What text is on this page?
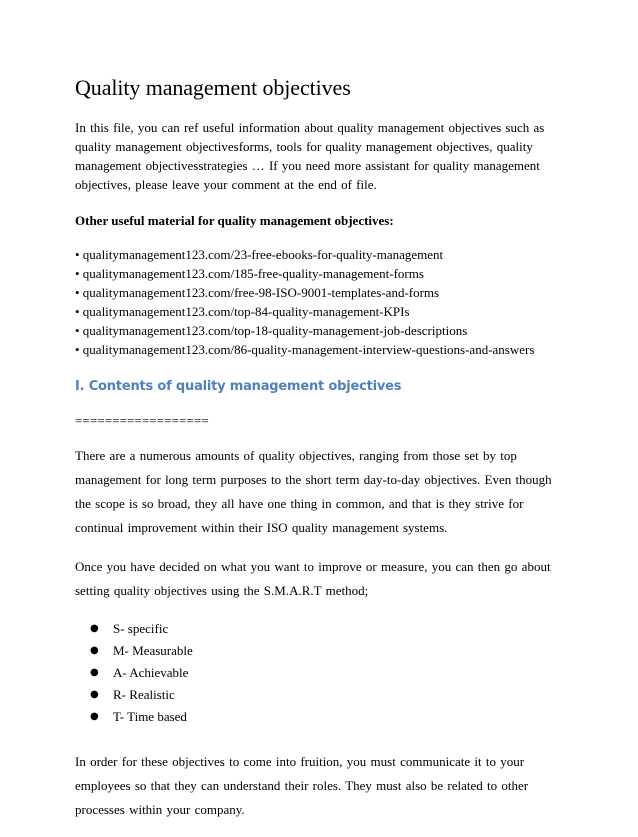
Quality management objectives

In this file, you can ref useful information about quality management objectives such as quality management objectivesforms, tools for quality management objectives, quality management objectivesstrategies … If you need more assistant for quality management objectives, please leave your comment at the end of file.

Other useful material for quality management objectives:

• qualitymanagement123.com/23-free-ebooks-for-quality-management
• qualitymanagement123.com/185-free-quality-management-forms
• qualitymanagement123.com/free-98-ISO-9001-templates-and-forms
• qualitymanagement123.com/top-84-quality-management-KPIs
• qualitymanagement123.com/top-18-quality-management-job-descriptions
• qualitymanagement123.com/86-quality-management-interview-questions-and-answers
I. Contents of quality management objectives
==================

There are a numerous amounts of quality objectives, ranging from those set by top management for long term purposes to the short term day-to-day objectives. Even though the scope is so broad, they all have one thing in common, and that is they strive for continual improvement within their ISO quality management systems.

Once you have decided on what you want to improve or measure, you can then go about setting quality objectives using the S.M.A.R.T method;

● S- specific
● M- Measurable
● A- Achievable
● R- Realistic
● T- Time based

In order for these objectives to come into fruition, you must communicate it to your employees so that they can understand their roles. They must also be related to other processes within your company.
